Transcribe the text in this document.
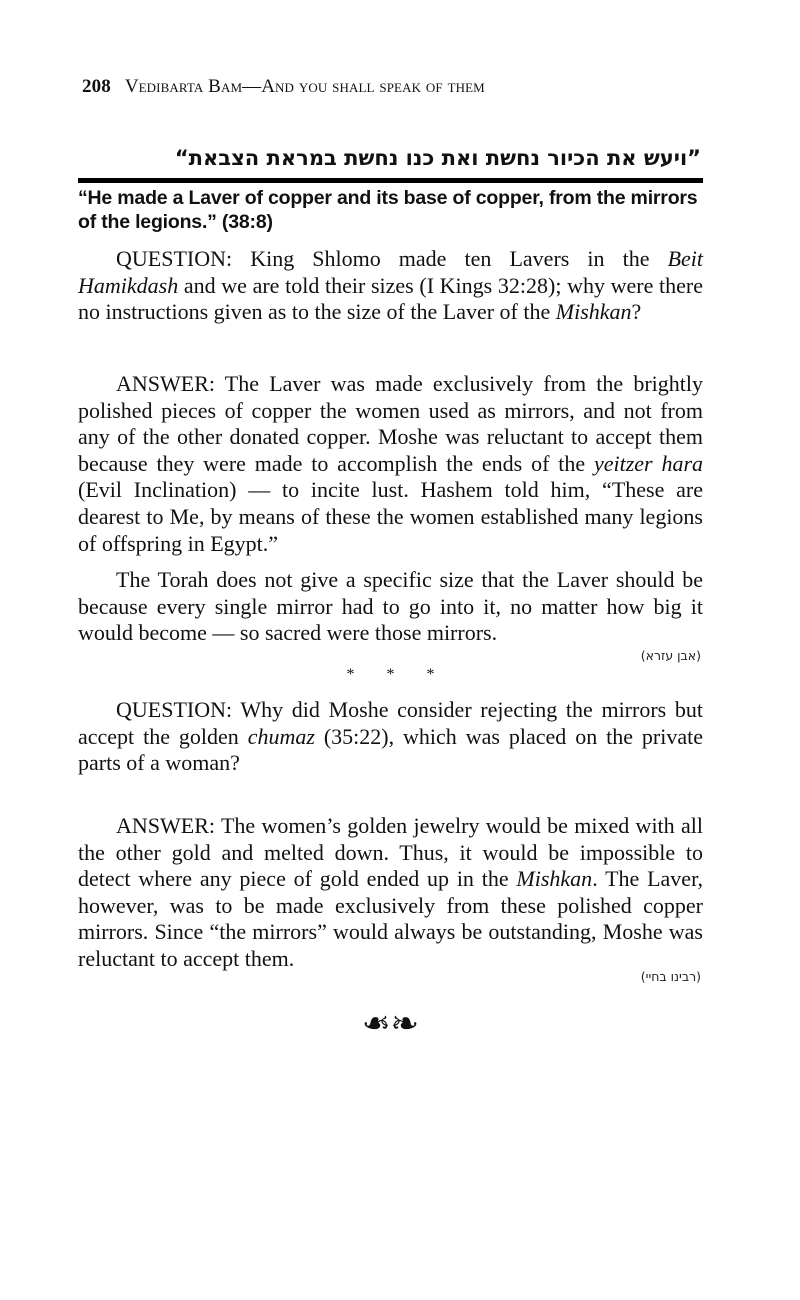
208 Vedibarta Bam—And you shall speak of them
”ויעש את הכיור נחשת ואת כנו נחשת במראת הצבאת“
“He made a Laver of copper and its base of copper, from the mirrors of the legions.” (38:8)

QUESTION: King Shlomo made ten Lavers in the Beit Hamikdash and we are told their sizes (I Kings 32:28); why were there no instructions given as to the size of the Laver of the Mishkan?

ANSWER: The Laver was made exclusively from the brightly polished pieces of copper the women used as mirrors, and not from any of the other donated copper. Moshe was reluctant to accept them because they were made to accomplish the ends of the yeitzer hara (Evil Inclination) — to incite lust. Hashem told him, “These are dearest to Me, by means of these the women established many legions of offspring in Egypt.”

The Torah does not give a specific size that the Laver should be because every single mirror had to go into it, no matter how big it would become — so sacred were those mirrors.

(אבן עזרא)
* * *

QUESTION: Why did Moshe consider rejecting the mirrors but accept the golden chumaz (35:22), which was placed on the private parts of a woman?

ANSWER: The women’s golden jewelry would be mixed with all the other gold and melted down. Thus, it would be impossible to detect where any piece of gold ended up in the Mishkan. The Laver, however, was to be made exclusively from these polished copper mirrors. Since “the mirrors” would always be outstanding, Moshe was reluctant to accept them.

(רבינו בחיי)
❧❧
